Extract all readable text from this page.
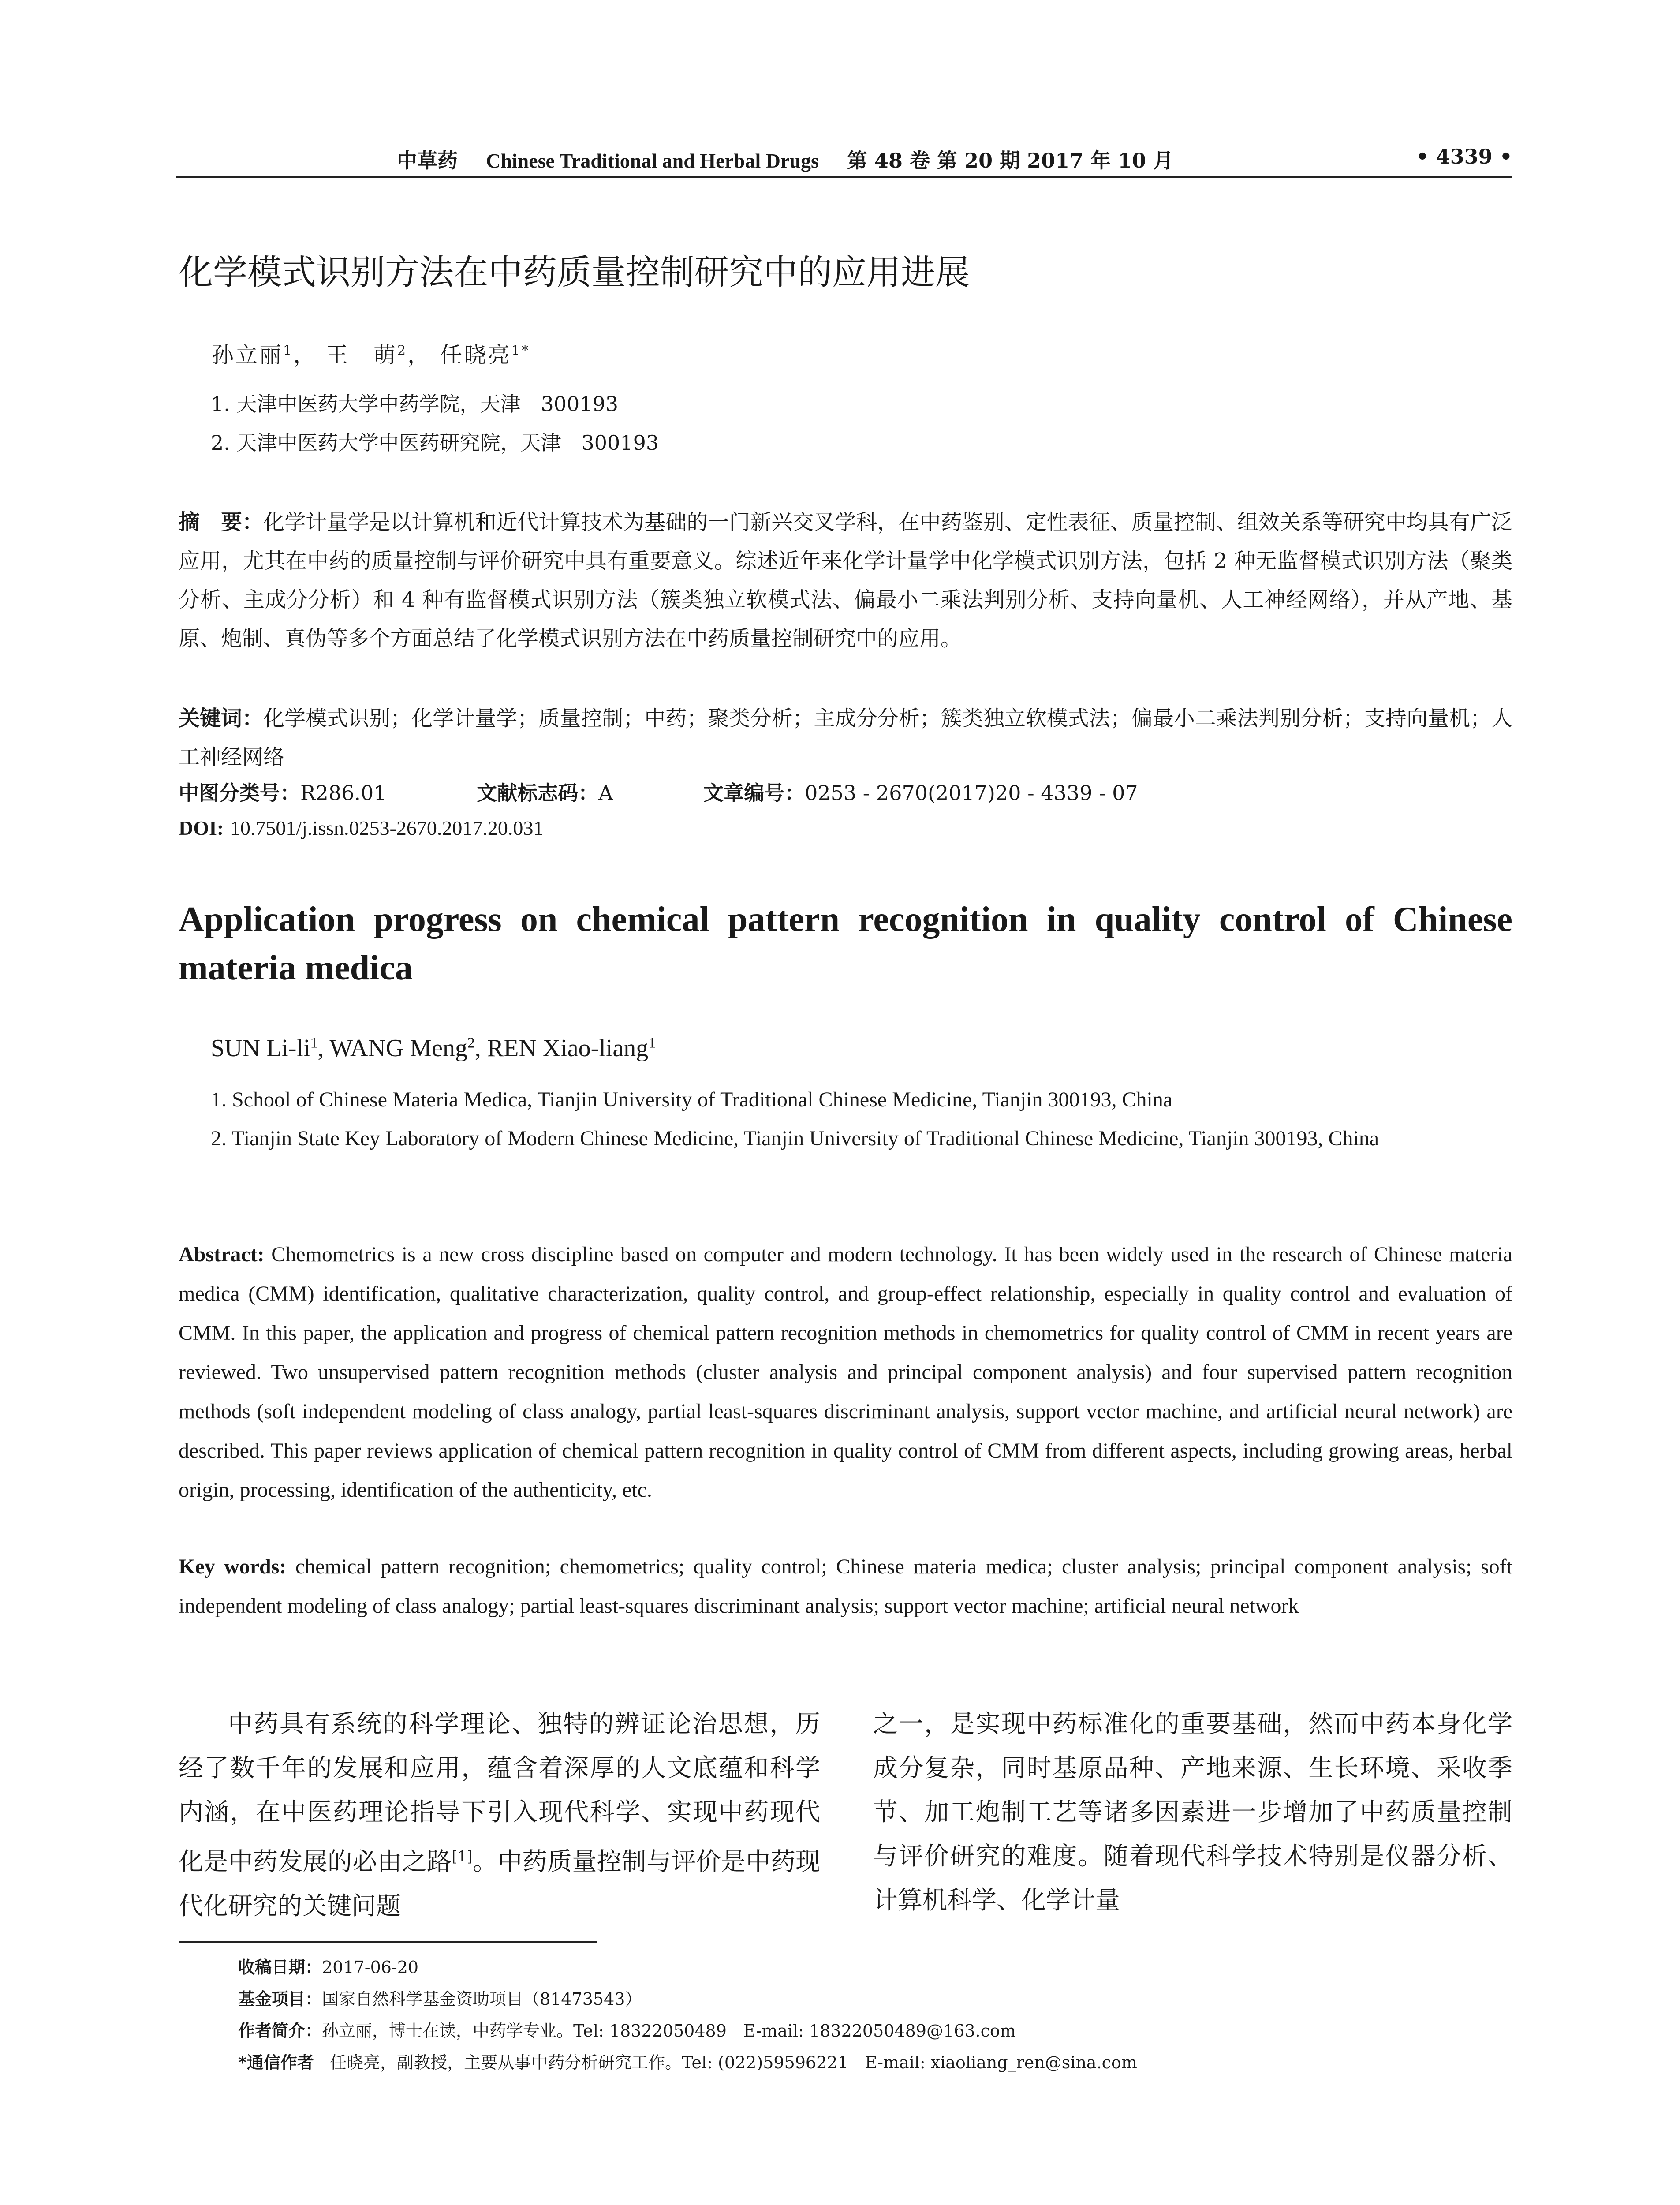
中草药 Chinese Traditional and Herbal Drugs 第 48 卷 第 20 期 2017 年 10 月	• 4339 •
化学模式识别方法在中药质量控制研究中的应用进展
孙立丽$^1$， 王　萌$^2$， 任晓亮$^{1*}$
1. 天津中医药大学中药学院，天津　300193
2. 天津中医药大学中医药研究院，天津　300193
摘　要：化学计量学是以计算机和近代计算技术为基础的一门新兴交叉学科，在中药鉴别、定性表征、质量控制、组效关系等研究中均具有广泛应用，尤其在中药的质量控制与评价研究中具有重要意义。综述近年来化学计量学中化学模式识别方法，包括 2 种无监督模式识别方法（聚类分析、主成分分析）和 4 种有监督模式识别方法（簇类独立软模式法、偏最小二乘法判别分析、支持向量机、人工神经网络），并从产地、基原、炮制、真伪等多个方面总结了化学模式识别方法在中药质量控制研究中的应用。
关键词：化学模式识别；化学计量学；质量控制；中药；聚类分析；主成分分析；簇类独立软模式法；偏最小二乘法判别分析；支持向量机；人工神经网络
中图分类号：R286.01	文献标志码：A	文章编号：0253 - 2670(2017)20 - 4339 - 07
DOI: 10.7501/j.issn.0253-2670.2017.20.031
Application progress on chemical pattern recognition in quality control of Chinese materia medica
SUN $Li-li^1$, WANG Meng$^2$, REN Xiao-liang$^1$
1. School of Chinese Materia Medica, Tianjin University of Traditional Chinese Medicine, Tianjin 300193, China
2. Tianjin State Key Laboratory of Modern Chinese Medicine, Tianjin University of Traditional Chinese Medicine, Tianjin 300193, China
Abstract: Chemometrics is a new cross discipline based on computer and modern technology. It has been widely used in the research of Chinese materia medica (CMM) identification, qualitative characterization, quality control, and group-effect relationship, especially in quality control and evaluation of CMM. In this paper, the application and progress of chemical pattern recognition methods in chemometrics for quality control of CMM in recent years are reviewed. Two unsupervised pattern recognition methods (cluster analysis and principal component analysis) and four supervised pattern recognition methods (soft independent modeling of class analogy, partial least-squares discriminant analysis, support vector machine, and artificial neural network) are described. This paper reviews application of chemical pattern recognition in quality control of CMM from different aspects, including growing areas, herbal origin, processing, identification of the authenticity, etc.
Key words: chemical pattern recognition; chemometrics; quality control; Chinese materia medica; cluster analysis; principal component analysis; soft independent modeling of class analogy; partial least-squares discriminant analysis; support vector machine; artificial neural network
中药具有系统的科学理论、独特的辨证论治思想，历经了数千年的发展和应用，蕴含着深厚的人文底蕴和科学内涵，在中医药理论指导下引入现代科学、实现中药现代化是中药发展的必由之路[1]。中药质量控制与评价是中药现代化研究的关键问题
之一，是实现中药标准化的重要基础，然而中药本身化学成分复杂，同时基原品种、产地来源、生长环境、采收季节、加工炮制工艺等诸多因素进一步增加了中药质量控制与评价研究的难度。随着现代科学技术特别是仪器分析、计算机科学、化学计量
收稿日期：2017-06-20
基金项目：国家自然科学基金资助项目（81473543）
作者简介：孙立丽，博士在读，中药学专业。Tel: 18322050489　E-mail: 18322050489@163.com
*通信作者 任晓亮，副教授，主要从事中药分析研究工作。Tel: (022)59596221　E-mail: xiaoliang_ren@sina.com
